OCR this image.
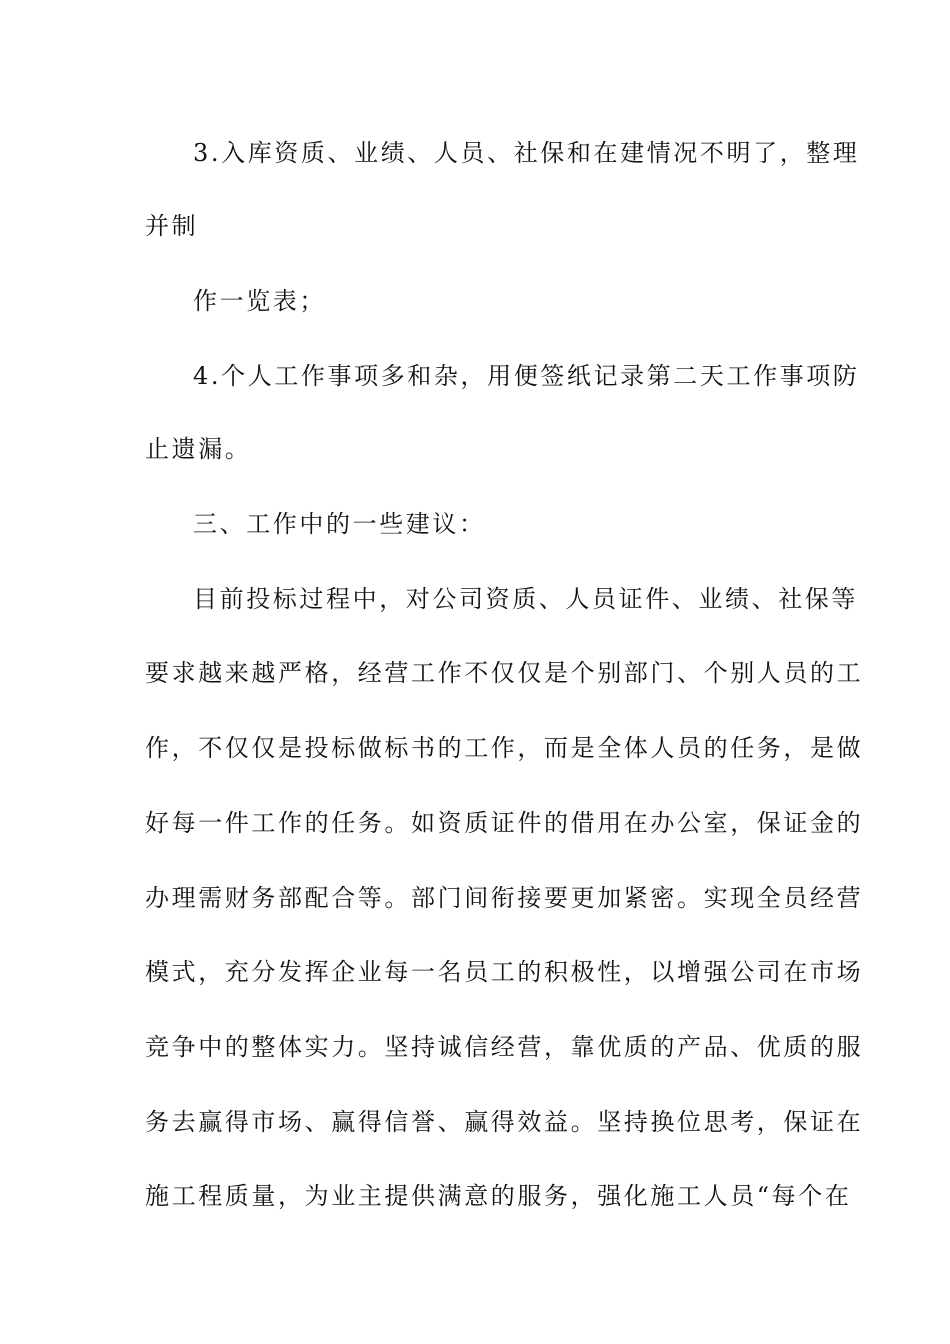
3.入库资质、业绩、人员、社保和在建情况不明了，整理
并制
作一览表；
4.个人工作事项多和杂，用便签纸记录第二天工作事项防
止遗漏。
三、工作中的一些建议：
目前投标过程中，对公司资质、人员证件、业绩、社保等
要求越来越严格，经营工作不仅仅是个别部门、个别人员的工
作，不仅仅是投标做标书的工作，而是全体人员的任务，是做
好每一件工作的任务。如资质证件的借用在办公室，保证金的
办理需财务部配合等。部门间衔接要更加紧密。实现全员经营
模式，充分发挥企业每一名员工的积极性，以增强公司在市场
竞争中的整体实力。坚持诚信经营，靠优质的产品、优质的服
务去赢得市场、赢得信誉、赢得效益。坚持换位思考，保证在
施工程质量，为业主提供满意的服务，强化施工人员“每个在
